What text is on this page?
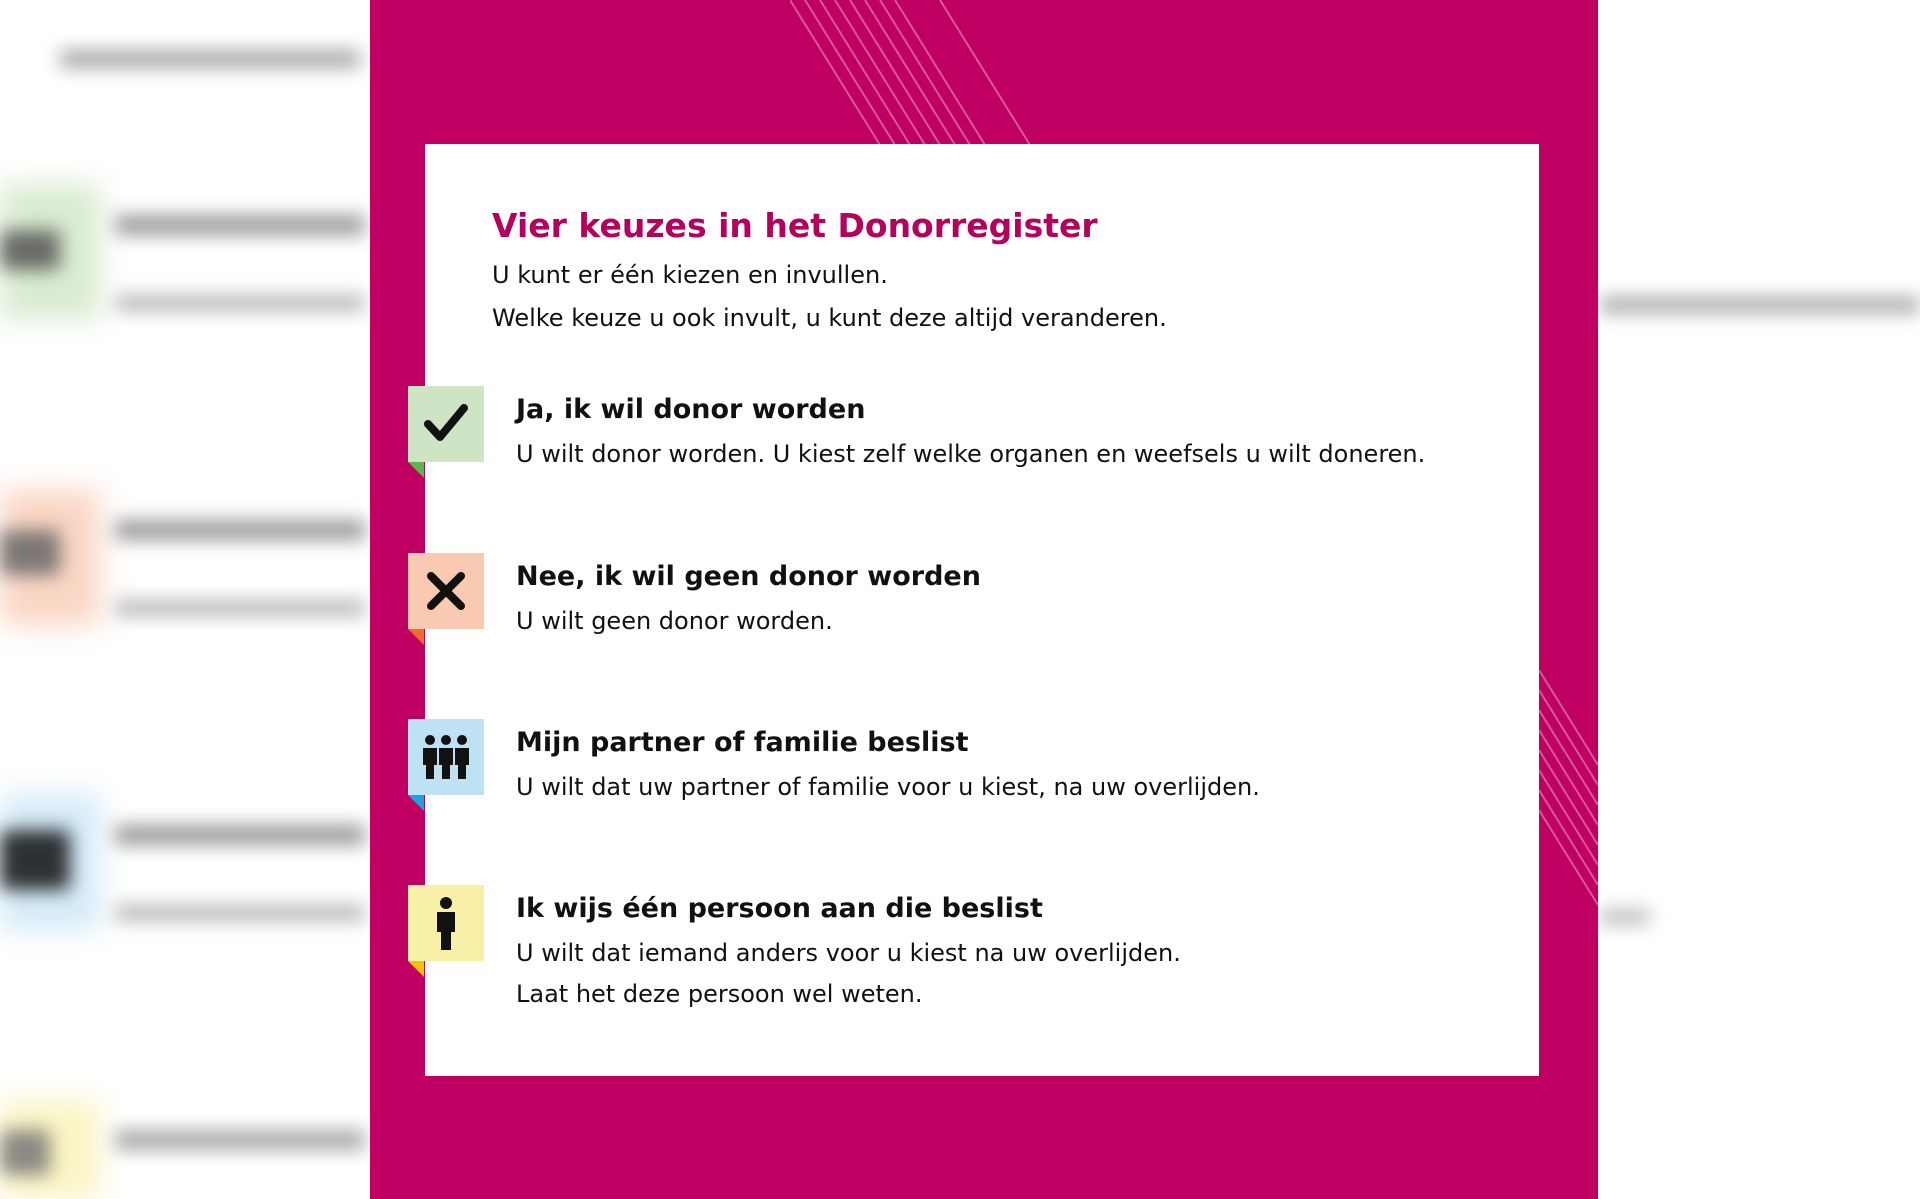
Vier keuzes in het Donorregister

U kunt er één kiezen en invullen.

Welke keuze u ook invult, u kunt deze altijd veranderen.

Ja, ik wil donor worden

U wilt donor worden. U kiest zelf welke organen en weefsels u wilt doneren.

Nee, ik wil geen donor worden

U wilt geen donor worden.

Mijn partner of familie beslist

U wilt dat uw partner of familie voor u kiest, na uw overlijden.

Ik wijs één persoon aan die beslist

U wilt dat iemand anders voor u kiest na uw overlijden.

Laat het deze persoon wel weten.
